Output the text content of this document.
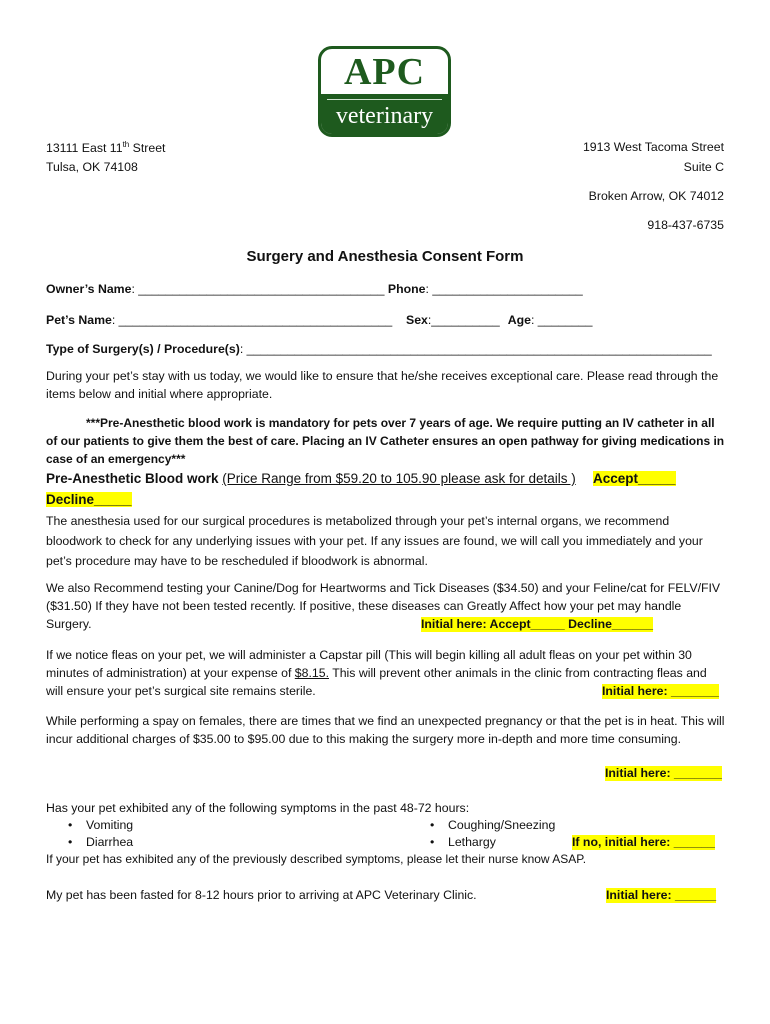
APC
veterinary
13111 East 11th Street
Tulsa, OK 74108
1913 West Tacoma Street
Suite C
Broken Arrow, OK 74012
918-437-6735
Surgery and Anesthesia Consent Form
Owner’s Name: ____________________________________ Phone: ______________________
Pet’s Name: ________________________________________ Sex:__________ Age: ________
Type of Surgery(s) / Procedure(s): ____________________________________________________________________
During your pet’s stay with us today, we would like to ensure that he/she receives exceptional care. Please read through the items below and initial where appropriate.
***Pre-Anesthetic blood work is mandatory for pets over 7 years of age. We require putting an IV catheter in all of our patients to give them the best of care. Placing an IV Catheter ensures an open pathway for giving medications in case of an emergency***
Pre-Anesthetic Blood work (Price Range from $59.20 to 105.90 please ask for details ) Accept_____
Decline_____
The anesthesia used for our surgical procedures is metabolized through your pet’s internal organs, we recommend bloodwork to check for any underlying issues with your pet. If any issues are found, we will call you immediately and your pet’s procedure may have to be rescheduled if bloodwork is abnormal.
We also Recommend testing your Canine/Dog for Heartworms and Tick Diseases ($34.50) and your Feline/cat for FELV/FIV ($31.50) If they have not been tested recently. If positive, these diseases can Greatly Affect how your pet may handle Surgery.	Initial here: Accept_____ Decline______
If we notice fleas on your pet, we will administer a Capstar pill (This will begin killing all adult fleas on your pet within 30 minutes of administration) at your expense of $8.15. This will prevent other animals in the clinic from contracting fleas and will ensure your pet’s surgical site remains sterile.	Initial here: _______
While performing a spay on females, there are times that we find an unexpected pregnancy or that the pet is in heat. This will incur additional charges of $35.00 to $95.00 due to this making the surgery more in-depth and more time consuming.
Initial here: _______
Has your pet exhibited any of the following symptoms in the past 48-72 hours:
• Vomiting
• Diarrhea
• Coughing/Sneezing
• Lethargy	If no, initial here: ______
If your pet has exhibited any of the previously described symptoms, please let their nurse know ASAP.
My pet has been fasted for 8-12 hours prior to arriving at APC Veterinary Clinic.	Initial here: ______
